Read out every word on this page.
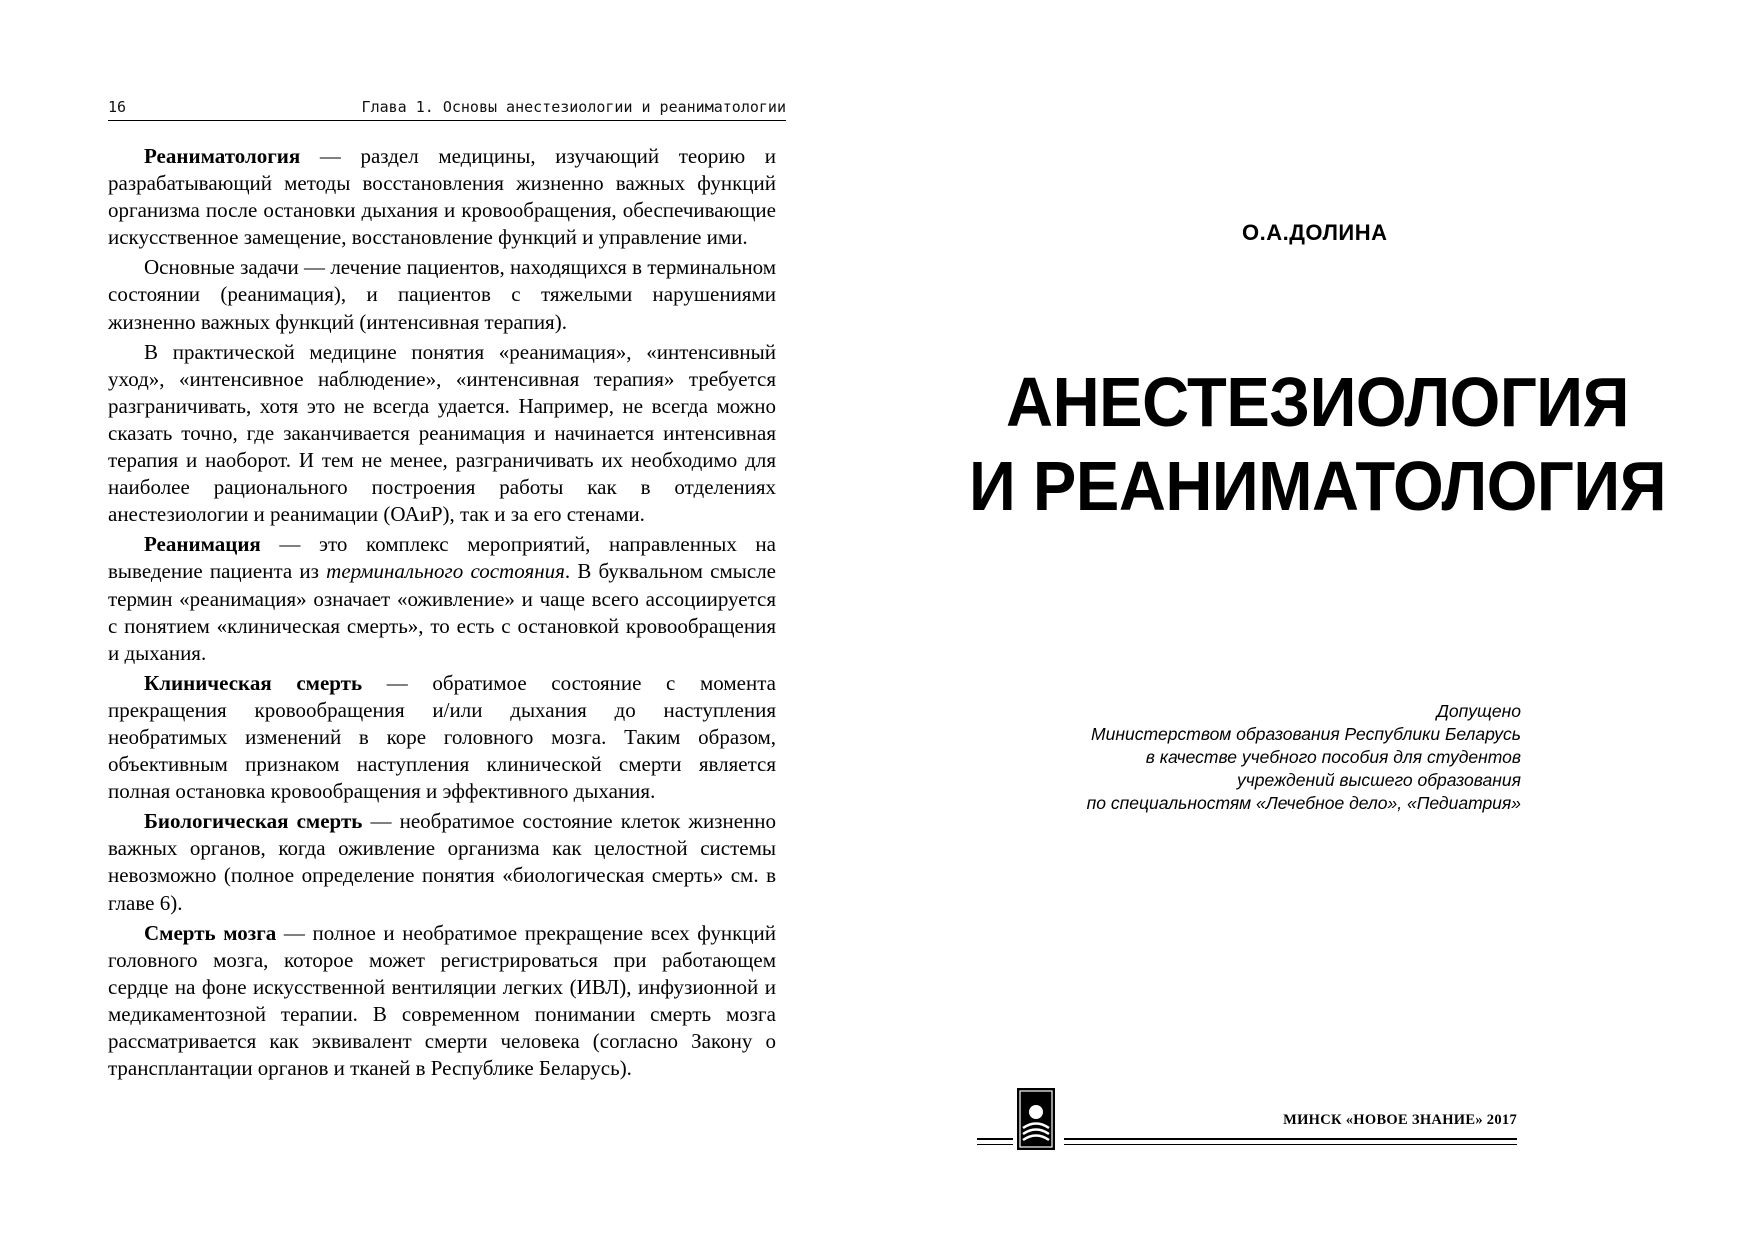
16	Глава 1. Основы анестезиологии и реаниматологии

Реаниматология — раздел медицины, изучающий теорию и разрабатывающий методы восстановления жизненно важных функций организма после остановки дыхания и кровообращения, обеспечивающие искусственное замещение, восстановление функций и управление ими.

Основные задачи — лечение пациентов, находящихся в терминальном состоянии (реанимация), и пациентов с тяжелыми нарушениями жизненно важных функций (интенсивная терапия).

В практической медицине понятия «реанимация», «интенсивный уход», «интенсивное наблюдение», «интенсивная терапия» требуется разграничивать, хотя это не всегда удается. Например, не всегда можно сказать точно, где заканчивается реанимация и начинается интенсивная терапия и наоборот. И тем не менее, разграничивать их необходимо для наиболее рационального построения работы как в отделениях анестезиологии и реанимации (ОАиР), так и за его стенами.

Реанимация — это комплекс мероприятий, направленных на выведение пациента из терминального состояния. В буквальном смысле термин «реанимация» означает «оживление» и чаще всего ассоциируется с понятием «клиническая смерть», то есть с остановкой кровообращения и дыхания.

Клиническая смерть — обратимое состояние с момента прекращения кровообращения и/или дыхания до наступления необратимых изменений в коре головного мозга. Таким образом, объективным признаком наступления клинической смерти является полная остановка кровообращения и эффективного дыхания.

Биологическая смерть — необратимое состояние клеток жизненно важных органов, когда оживление организма как целостной системы невозможно (полное определение понятия «биологическая смерть» см. в главе 6).

Смерть мозга — полное и необратимое прекращение всех функций головного мозга, которое может регистрироваться при работающем сердце на фоне искусственной вентиляции легких (ИВЛ), инфузионной и медикаментозной терапии. В современном понимании смерть мозга рассматривается как эквивалент смерти человека (согласно Закону о трансплантации органов и тканей в Республике Беларусь).

О.А.ДОЛИНА
АНЕСТЕЗИОЛОГИЯ
И РЕАНИМАТОЛОГИЯ
Допущено
Министерством образования Республики Беларусь
в качестве учебного пособия для студентов
учреждений высшего образования
по специальностям «Лечебное дело», «Педиатрия»
МИНСК «НОВОЕ ЗНАНИЕ» 2017
